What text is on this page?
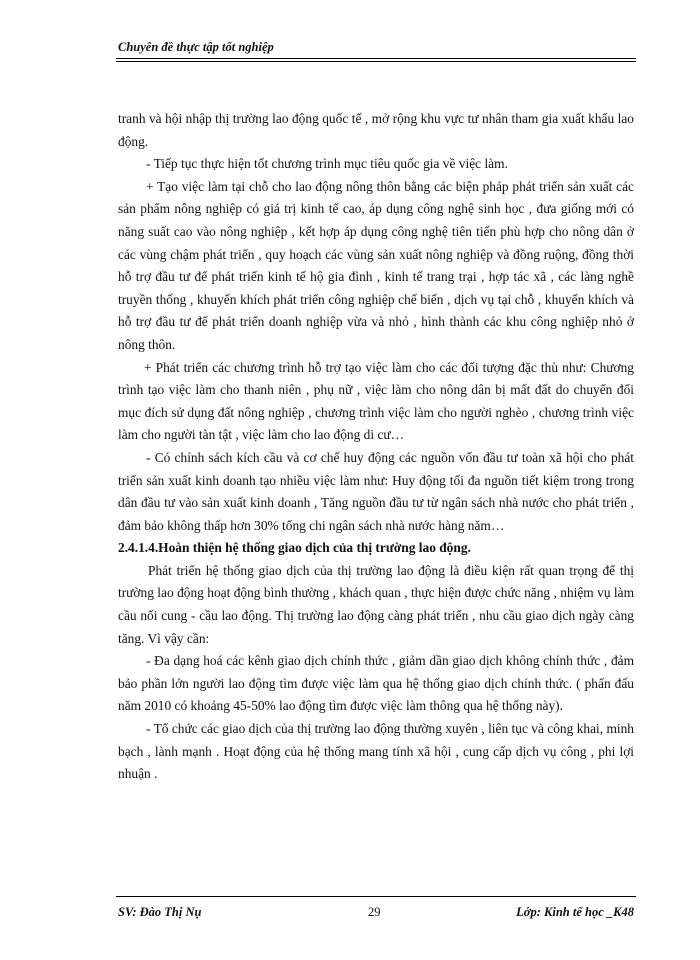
Chuyên đề thực tập tốt nghiệp

tranh và hội nhập thị trường lao động quốc tế , mở rộng khu vực tư nhân tham gia xuất khẩu lao động.

- Tiếp tục thực hiện tốt chương trình mục tiêu quốc gia về việc làm.

+ Tạo việc làm tại chỗ cho lao động nông thôn bằng các biện pháp phát triển sản xuất các sản phẩm nông nghiệp có giá trị kinh tế cao, áp dụng công nghệ sinh học , đưa giống mới có năng suất cao vào nông nghiệp , kết hợp áp dụng công nghệ tiên tiến phù hợp cho nông dân ở các vùng chậm phát triển , quy hoạch các vùng sản xuất nông nghiệp và đồng ruộng, đồng thời hỗ trợ đầu tư để phát triển kinh tế hộ gia đình , kinh tế trang trại , hợp tác xã , các làng nghề truyền thống , khuyến khích phát triển công nghiệp chế biến , dịch vụ tại chỗ , khuyến khích và hỗ trợ đầu tư để phát triển doanh nghiệp vừa và nhỏ , hình thành các khu công nghiệp nhỏ ở nông thôn.

+ Phát triển các chương trình hỗ trợ tạo việc làm cho các đối tượng đặc thù như: Chương trình tạo việc làm cho thanh niên , phụ nữ , việc làm cho nông dân bị mất đất do chuyển đổi mục đích sử dụng đất nông nghiệp , chương trình việc làm cho người nghèo , chương trình việc làm cho người tàn tật , việc làm cho lao động di cư…

- Có chính sách kích cầu và cơ chế huy động các nguồn vốn đầu tư toàn xã hội cho phát triển sản xuất kinh doanh tạo nhiều việc làm như: Huy động tối đa nguồn tiết kiệm trong trong dân đầu tư vào sản xuất kinh doanh , Tăng nguồn đầu tư từ ngân sách nhà nước cho phát triển , đảm bảo không thấp hơn 30% tổng chi ngân sách nhà nước hàng năm…

2.4.1.4.Hoàn thiện hệ thống giao dịch của thị trường lao động.

Phát triển hệ thống giao dịch của thị trường lao động là điều kiện rất quan trọng để thị trường lao động hoạt động bình thường , khách quan , thực hiện được chức năng , nhiệm vụ làm cầu nối cung - cầu lao động. Thị trường lao động càng phát triển , nhu cầu giao dịch ngày càng tăng. Vì vậy cần:

- Đa dạng hoá các kênh giao dịch chính thức , giảm dần giao dịch không chính thức , đảm bảo phần lớn người lao động tìm được việc làm qua hệ thống giao dịch chính thức. ( phấn đấu năm 2010 có khoảng 45-50% lao động tìm được việc làm thông qua hệ thống này).

- Tổ chức các giao dịch của thị trường lao động thường xuyên , liên tục và công khai, minh bạch , lành mạnh . Hoạt động của hệ thống mang tính xã hội , cung cấp dịch vụ công , phi lợi nhuận .

SV: Đào Thị Nụ	29	Lớp: Kinh tế học _K48
